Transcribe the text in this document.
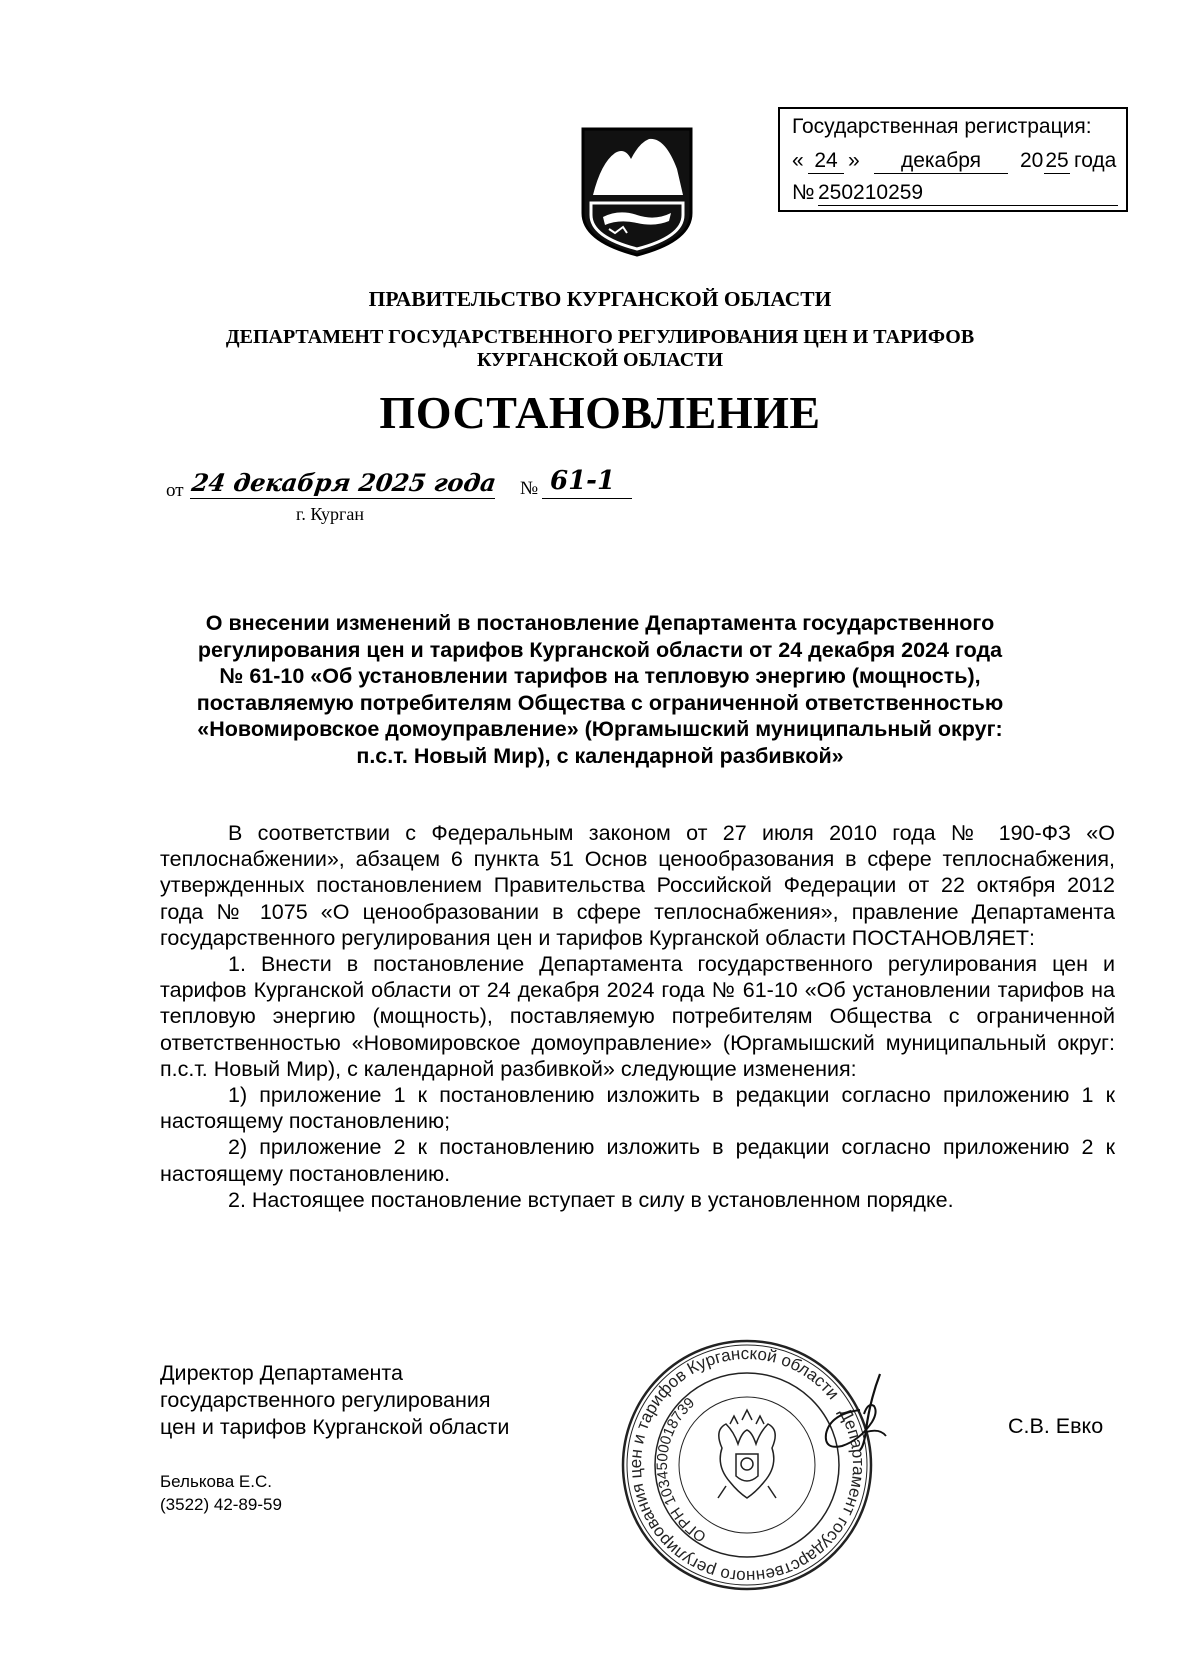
Государственная регистрация:
« 24 »	декабря	20 25 года
№ 250210259
ПРАВИТЕЛЬСТВО КУРГАНСКОЙ ОБЛАСТИ
ДЕПАРТАМЕНТ ГОСУДАРСТВЕННОГО РЕГУЛИРОВАНИЯ ЦЕН И ТАРИФОВ
КУРГАНСКОЙ ОБЛАСТИ
ПОСТАНОВЛЕНИЕ
от 24 декабря 2025 года № 61-1
г. Курган
О внесении изменений в постановление Департамента государственного
регулирования цен и тарифов Курганской области от 24 декабря 2024 года
№ 61-10 «Об установлении тарифов на тепловую энергию (мощность),
поставляемую потребителям Общества с ограниченной ответственностью
«Новомировское домоуправление» (Юргамышский муниципальный округ:
п.с.т. Новый Мир), с календарной разбивкой»
В соответствии с Федеральным законом от 27 июля 2010 года № 190-ФЗ «О теплоснабжении», абзацем 6 пункта 51 Основ ценообразования в сфере теплоснабжения, утвержденных постановлением Правительства Российской Федерации от 22 октября 2012 года № 1075 «О ценообразовании в сфере теплоснабжения», правление Департамента государственного регулирования цен и тарифов Курганской области ПОСТАНОВЛЯЕТ:
1. Внести в постановление Департамента государственного регулирования цен и тарифов Курганской области от 24 декабря 2024 года № 61-10 «Об установлении тарифов на тепловую энергию (мощность), поставляемую потребителям Общества с ограниченной ответственностью «Новомировское домоуправление» (Юргамышский муниципальный округ: п.с.т. Новый Мир), с календарной разбивкой» следующие изменения:
1) приложение 1 к постановлению изложить в редакции согласно приложению 1 к настоящему постановлению;
2) приложение 2 к постановлению изложить в редакции согласно приложению 2 к настоящему постановлению.
2. Настоящее постановление вступает в силу в установленном порядке.
Директор Департамента
государственного регулирования
цен и тарифов Курганской области	С.В. Евко
Белькова Е.С.
(3522) 42-89-59
Департамент государственного регулирования цен и тарифов Курганской области
ОГРН 1034500018739
